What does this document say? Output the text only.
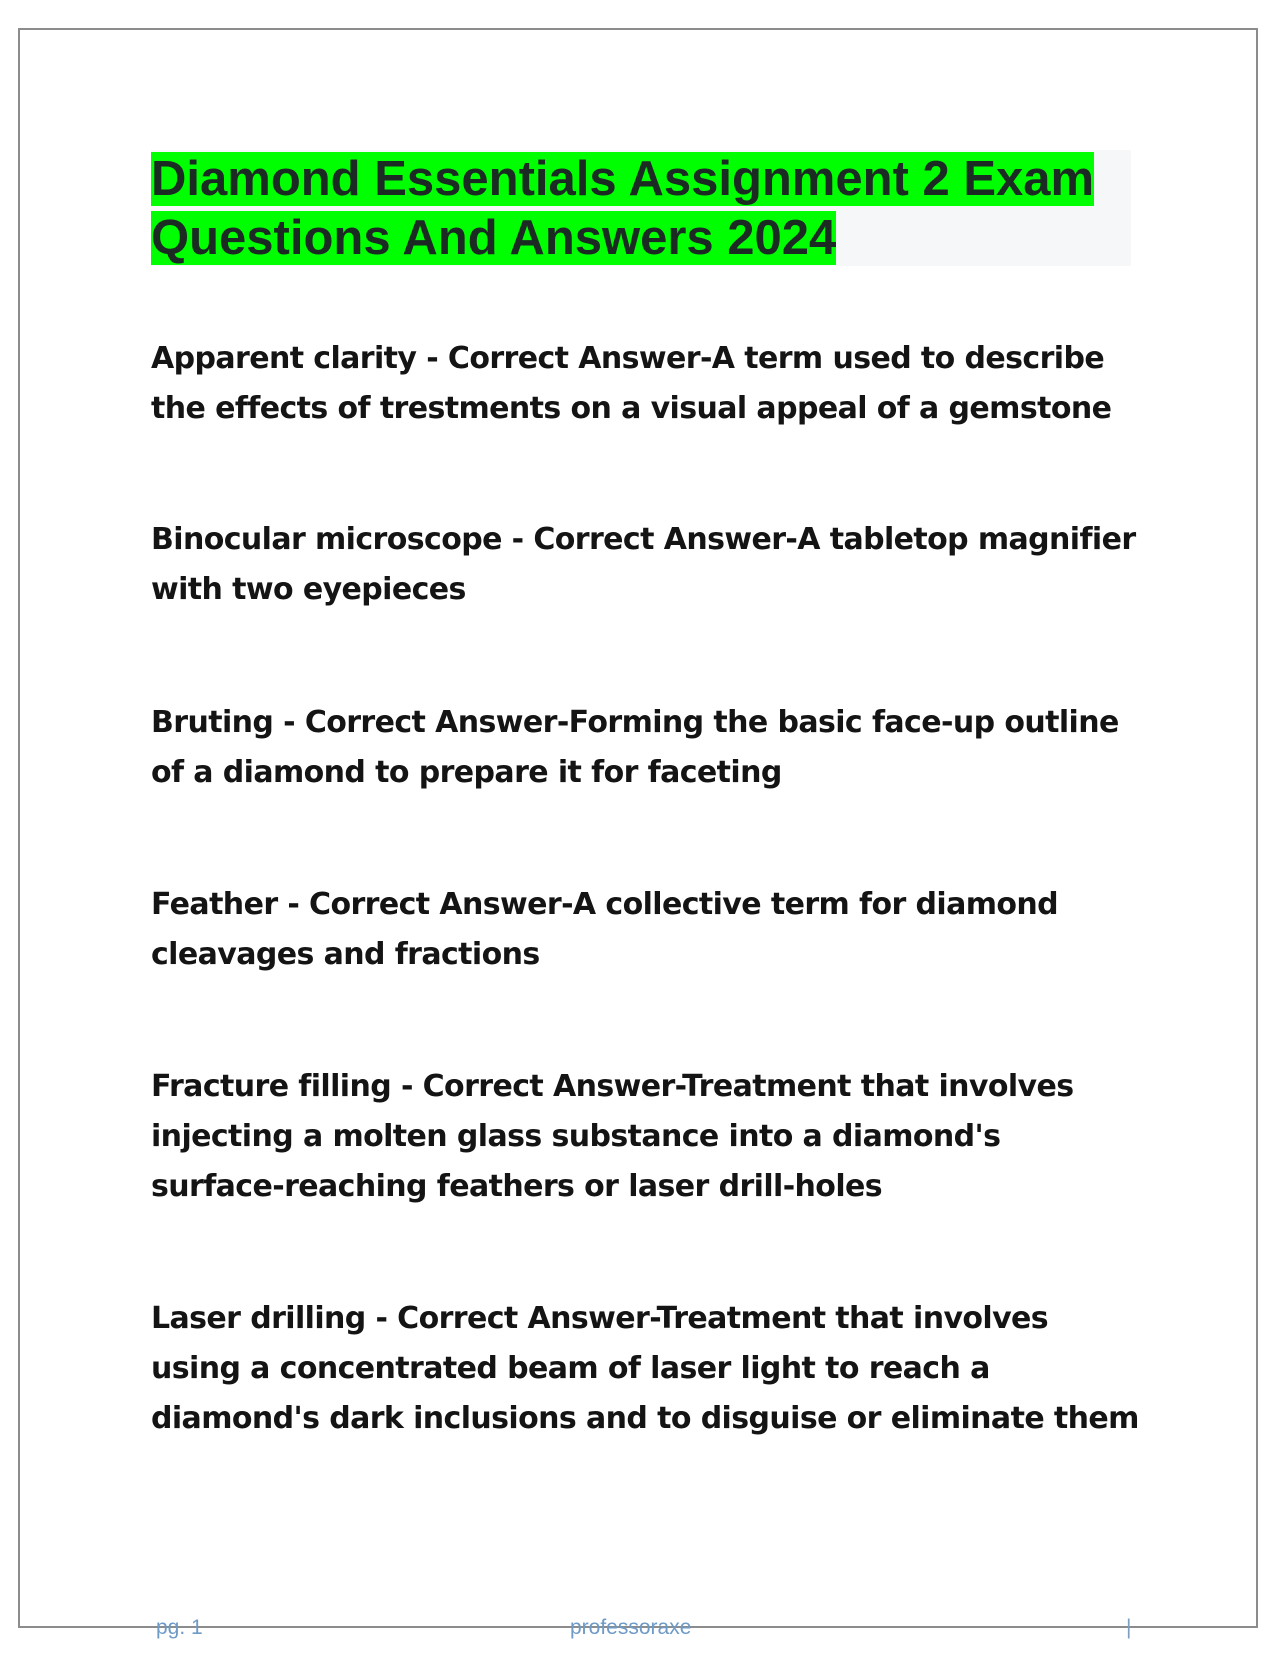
Diamond Essentials Assignment 2 Exam Questions And Answers 2024

Apparent clarity - Correct Answer-A term used to describe the effects of trestments on a visual appeal of a gemstone

Binocular microscope - Correct Answer-A tabletop magnifier with two eyepieces

Bruting - Correct Answer-Forming the basic face-up outline of a diamond to prepare it for faceting

Feather - Correct Answer-A collective term for diamond cleavages and fractions

Fracture filling - Correct Answer-Treatment that involves injecting a molten glass substance into a diamond's surface-reaching feathers or laser drill-holes

Laser drilling - Correct Answer-Treatment that involves using a concentrated beam of laser light to reach a diamond's dark inclusions and to disguise or eliminate them

pg. 1	professoraxe	|
